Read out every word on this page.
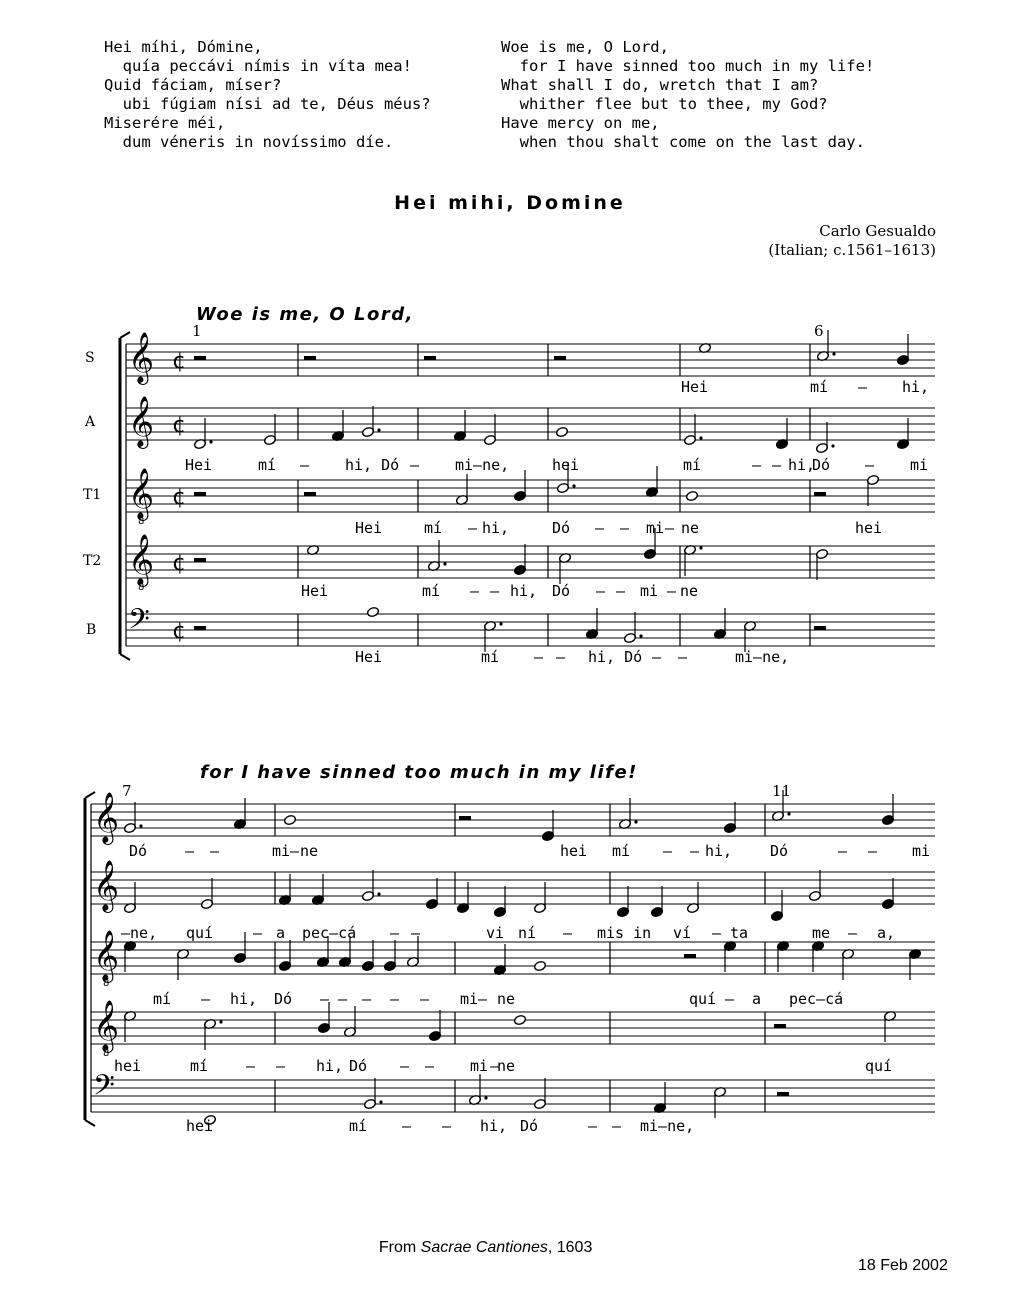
Hei míhi, Dómine,
quía peccávi nímis in víta mea!
Quid fáciam, míser?
ubi fúgiam nísi ad te, Déus méus?
Miserére méi,
dum véneris in novíssimo díe.
Woe is me, O Lord,
for I have sinned too much in my life!
What shall I do, wretch that I am?
whither flee but to thee, my God?
Have mercy on me,
when thou shalt come on the last day.
Hei mihi, Domine
Carlo Gesualdo
(Italian; c.1561–1613)
Woe is me, O Lord,
for I have sinned too much in my life!
1	6
7	11
S
A
T1
T2
B
𝄞 ¢
𝄞 ¢
𝄞
8
¢
𝄞
8
¢
𝄢 ¢
𝄞
𝄞
𝄞
8
𝄞
8
𝄢
Hei	mí – hi,
Hei	mí – hi, Dó – mi–ne,	hei	mí	– – hi,
Dó – mi
Hei	mí – hi,	Dó – – mi – ne	hei
Hei	mí – – hi, Dó – – mi – ne
Hei	mí – – hi, Dó – –	mi–ne,
Dó	– –	mi – ne	hei mí – – hi,	Dó	– – mi
–ne, quí	– a pec–cá – –	vi ní – mis in ví – ta	me – a,
mí – hi, Dó – – – – – mi – ne	quí – a pec–cá
hei	mí	– – hi, Dó – – mi –
ne	quí
hei	mí – – hi, Dó	– – mi–ne,

From Sacrae Cantiones, 1603

18 Feb 2002
